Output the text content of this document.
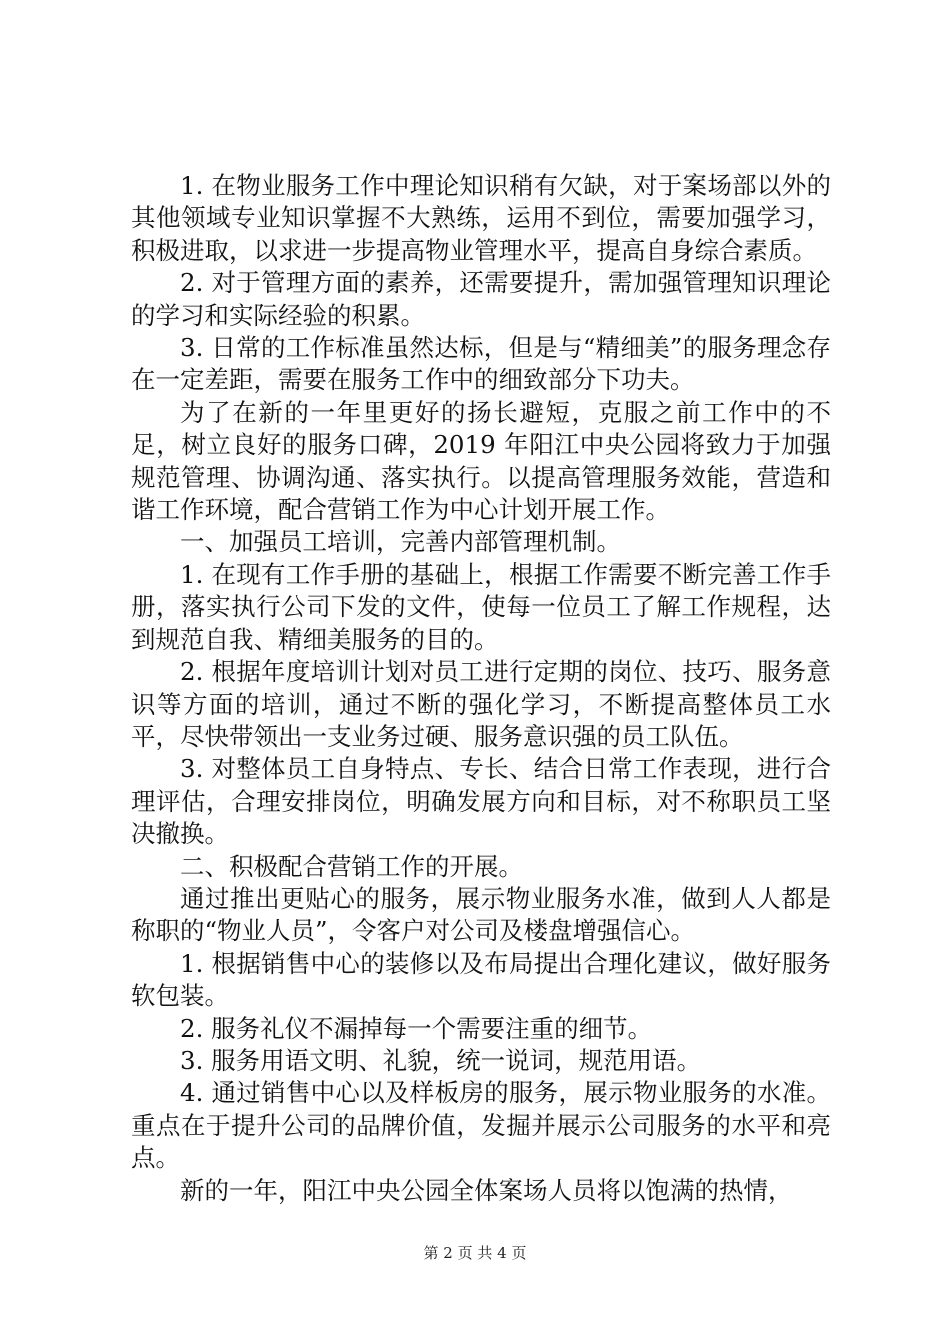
1. 在物业服务工作中理论知识稍有欠缺，对于案场部以外的其他领域专业知识掌握不大熟练，运用不到位，需要加强学习，积极进取，以求进一步提高物业管理水平，提高自身综合素质。

2. 对于管理方面的素养，还需要提升，需加强管理知识理论的学习和实际经验的积累。

3. 日常的工作标准虽然达标，但是与“精细美”的服务理念存在一定差距，需要在服务工作中的细致部分下功夫。

为了在新的一年里更好的扬长避短，克服之前工作中的不足，树立良好的服务口碑，2019 年阳江中央公园将致力于加强规范管理、协调沟通、落实执行。以提高管理服务效能，营造和谐工作环境，配合营销工作为中心计划开展工作。

一、加强员工培训，完善内部管理机制。

1. 在现有工作手册的基础上，根据工作需要不断完善工作手册，落实执行公司下发的文件，使每一位员工了解工作规程，达到规范自我、精细美服务的目的。

2. 根据年度培训计划对员工进行定期的岗位、技巧、服务意识等方面的培训，通过不断的强化学习，不断提高整体员工水平，尽快带领出一支业务过硬、服务意识强的员工队伍。

3. 对整体员工自身特点、专长、结合日常工作表现，进行合理评估，合理安排岗位，明确发展方向和目标，对不称职员工坚决撤换。

二、积极配合营销工作的开展。

通过推出更贴心的服务，展示物业服务水准，做到人人都是称职的“物业人员”，令客户对公司及楼盘增强信心。

1. 根据销售中心的装修以及布局提出合理化建议，做好服务软包装。

2. 服务礼仪不漏掉每一个需要注重的细节。

3. 服务用语文明、礼貌，统一说词，规范用语。

4. 通过销售中心以及样板房的服务，展示物业服务的水准。重点在于提升公司的品牌价值，发掘并展示公司服务的水平和亮点。

新的一年，阳江中央公园全体案场人员将以饱满的热情，

第 2 页 共 4 页
